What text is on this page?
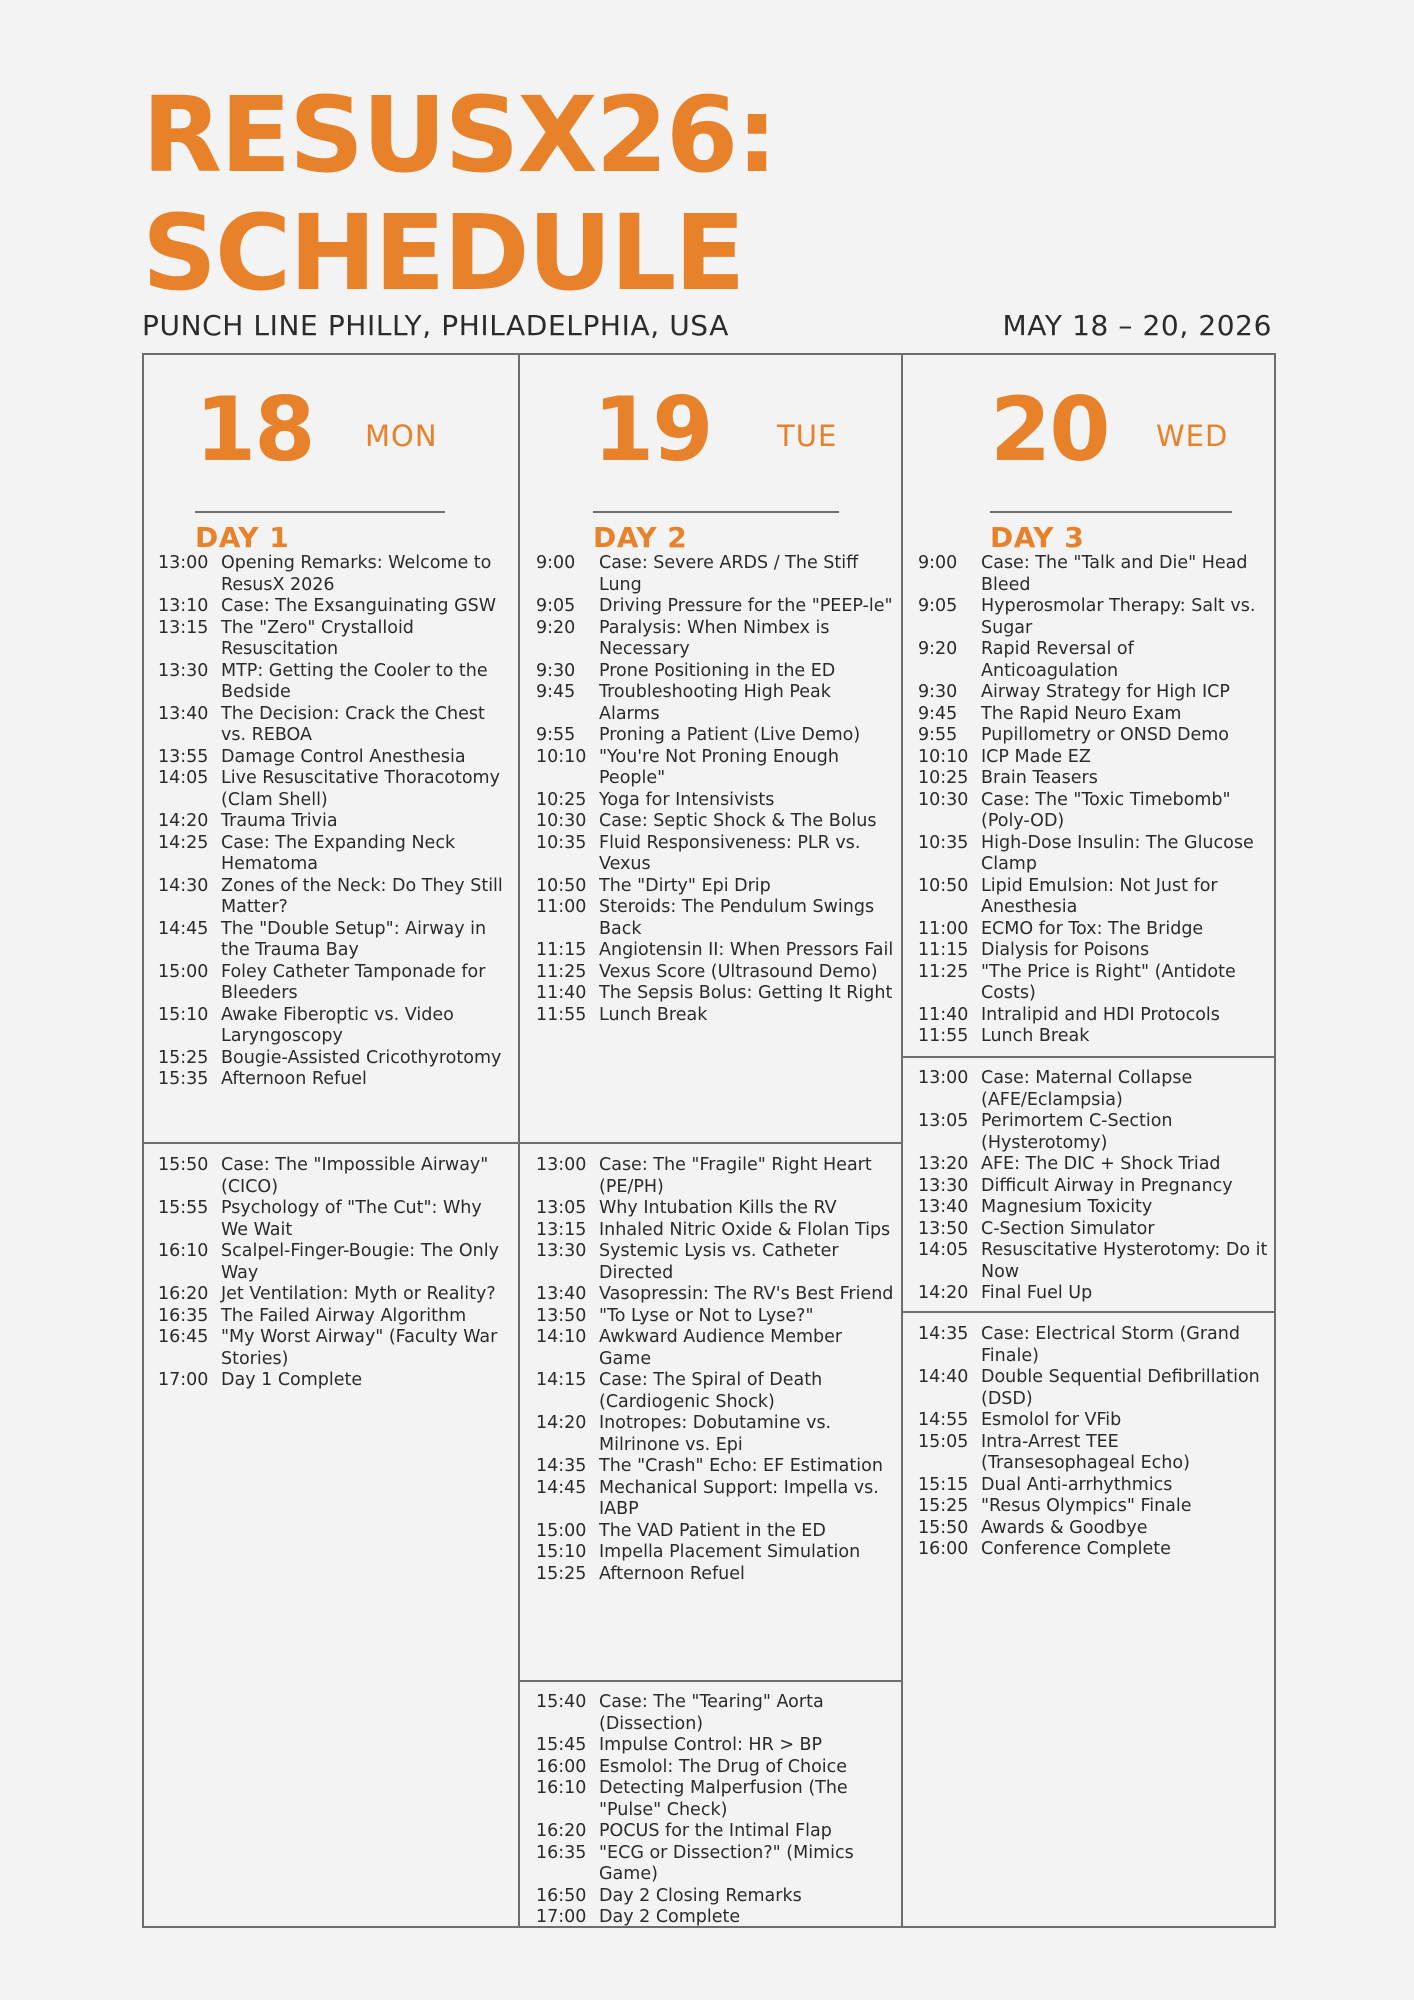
RESUSX26:
SCHEDULE
PUNCH LINE PHILLY, PHILADELPHIA, USA	MAY 18 – 20, 2026
18 MON
DAY 1
13:00 Opening Remarks: Welcome to ResusX 2026
13:10 Case: The Exsanguinating GSW
13:15 The "Zero" Crystalloid Resuscitation
13:30 MTP: Getting the Cooler to the Bedside
13:40 The Decision: Crack the Chest vs. REBOA
13:55 Damage Control Anesthesia
14:05 Live Resuscitative Thoracotomy (Clam Shell)
14:20 Trauma Trivia
14:25 Case: The Expanding Neck Hematoma
14:30 Zones of the Neck: Do They Still Matter?
14:45 The "Double Setup": Airway in the Trauma Bay
15:00 Foley Catheter Tamponade for Bleeders
15:10 Awake Fiberoptic vs. Video Laryngoscopy
15:25 Bougie-Assisted Cricothyrotomy
15:35 Afternoon Refuel
15:50 Case: The "Impossible Airway" (CICO)
15:55 Psychology of "The Cut": Why We Wait
16:10 Scalpel-Finger-Bougie: The Only Way
16:20 Jet Ventilation: Myth or Reality?
16:35 The Failed Airway Algorithm
16:45 "My Worst Airway" (Faculty War Stories)
17:00 Day 1 Complete
19 TUE
DAY 2
9:00	Case: Severe ARDS / The Stiff Lung
9:05	Driving Pressure for the "PEEP-le"
9:20	Paralysis: When Nimbex is Necessary
9:30	Prone Positioning in the ED
9:45	Troubleshooting High Peak Alarms
9:55	Proning a Patient (Live Demo)
10:10 "You're Not Proning Enough People"
10:25 Yoga for Intensivists
10:30 Case: Septic Shock & The Bolus
10:35 Fluid Responsiveness: PLR vs. Vexus
10:50 The "Dirty" Epi Drip
11:00 Steroids: The Pendulum Swings Back
11:15 Angiotensin II: When Pressors Fail
11:25 Vexus Score (Ultrasound Demo)
11:40 The Sepsis Bolus: Getting It Right
11:55 Lunch Break
13:00 Case: The "Fragile" Right Heart (PE/PH)
13:05 Why Intubation Kills the RV
13:15 Inhaled Nitric Oxide & Flolan Tips
13:30 Systemic Lysis vs. Catheter Directed
13:40 Vasopressin: The RV's Best Friend
13:50 "To Lyse or Not to Lyse?"
14:10 Awkward Audience Member Game
14:15 Case: The Spiral of Death (Cardiogenic Shock)
14:20 Inotropes: Dobutamine vs. Milrinone vs. Epi
14:35 The "Crash" Echo: EF Estimation
14:45 Mechanical Support: Impella vs. IABP
15:00 The VAD Patient in the ED
15:10 Impella Placement Simulation
15:25 Afternoon Refuel
15:40 Case: The "Tearing" Aorta (Dissection)
15:45 Impulse Control: HR > BP
16:00 Esmolol: The Drug of Choice
16:10 Detecting Malperfusion (The "Pulse" Check)
16:20 POCUS for the Intimal Flap
16:35 "ECG or Dissection?" (Mimics Game)
16:50 Day 2 Closing Remarks
17:00 Day 2 Complete
20 WED
DAY 3
9:00	Case: The "Talk and Die" Head Bleed
9:05	Hyperosmolar Therapy: Salt vs. Sugar
9:20	Rapid Reversal of Anticoagulation
9:30	Airway Strategy for High ICP
9:45	The Rapid Neuro Exam
9:55	Pupillometry or ONSD Demo
10:10 ICP Made EZ
10:25 Brain Teasers
10:30 Case: The "Toxic Timebomb" (Poly-OD)
10:35 High-Dose Insulin: The Glucose Clamp
10:50 Lipid Emulsion: Not Just for Anesthesia
11:00 ECMO for Tox: The Bridge
11:15 Dialysis for Poisons
11:25 "The Price is Right" (Antidote Costs)
11:40 Intralipid and HDI Protocols
11:55 Lunch Break
13:00 Case: Maternal Collapse (AFE/Eclampsia)
13:05 Perimortem C-Section (Hysterotomy)
13:20 AFE: The DIC + Shock Triad
13:30 Difficult Airway in Pregnancy
13:40 Magnesium Toxicity
13:50 C-Section Simulator
14:05 Resuscitative Hysterotomy: Do it Now
14:20 Final Fuel Up
14:35 Case: Electrical Storm (Grand Finale)
14:40 Double Sequential Defibrillation (DSD)
14:55 Esmolol for VFib
15:05 Intra-Arrest TEE (Transesophageal Echo)
15:15 Dual Anti-arrhythmics
15:25 "Resus Olympics" Finale
15:50 Awards & Goodbye
16:00 Conference Complete
